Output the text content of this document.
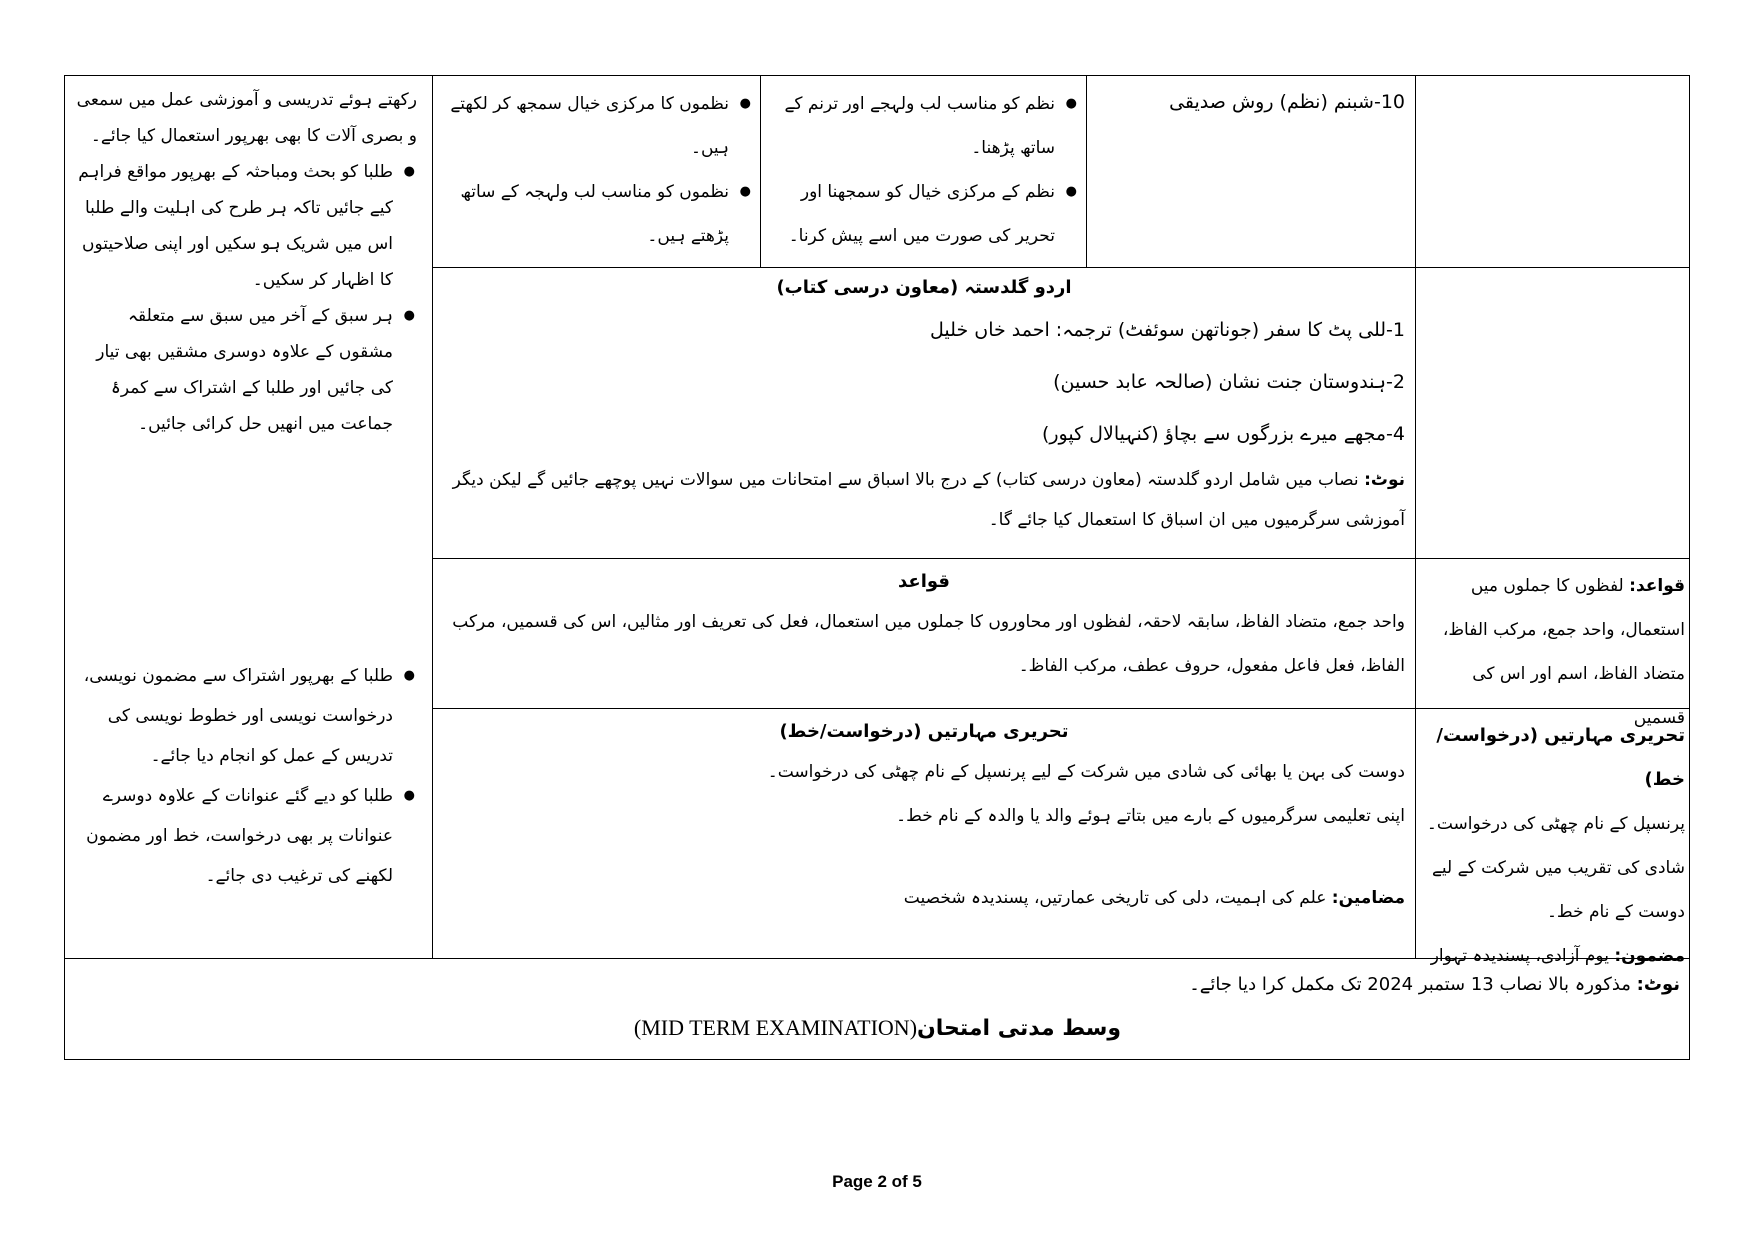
10-شبنم (نظم) روش صدیقی

● نظم کو مناسب لب ولہجے اور ترنم کے ساتھ پڑھنا۔
● نظم کے مرکزی خیال کو سمجھنا اور تحریر کی صورت میں اسے پیش کرنا۔
● نظموں کا مرکزی خیال سمجھ کر لکھتے ہیں۔
● نظموں کو مناسب لب ولہجہ کے ساتھ پڑھتے ہیں۔

رکھتے ہوئے تدریسی و آموزشی عمل میں سمعی و بصری آلات کا بھی بھرپور استعمال کیا جائے۔

● طلبا کو بحث ومباحثہ کے بھرپور مواقع فراہم کیے جائیں تاکہ ہر طرح کی اہلیت والے طلبا اس میں شریک ہو سکیں اور اپنی صلاحیتوں کا اظہار کر سکیں۔
● ہر سبق کے آخر میں سبق سے متعلقہ مشقوں کے علاوہ دوسری مشقیں بھی تیار کی جائیں اور طلبا کے اشتراک سے کمرۂ جماعت میں انھیں حل کرائی جائیں۔

اردو گلدستہ (معاون درسی کتاب)

1-للی پٹ کا سفر (جوناتھن سوئفٹ) ترجمہ: احمد خاں خلیل

2-ہندوستان جنت نشان (صالحہ عابد حسین)

4-مجھے میرے بزرگوں سے بچاؤ (کنہیالال کپور)

نوٹ: نصاب میں شامل اردو گلدستہ (معاون درسی کتاب) کے درج بالا اسباق سے امتحانات میں سوالات نہیں پوچھے جائیں گے لیکن دیگر آموزشی سرگرمیوں میں ان اسباق کا استعمال کیا جائے گا۔

قواعد: لفظوں کا جملوں میں استعمال، واحد جمع، مرکب الفاظ، متضاد الفاظ، اسم اور اس کی قسمیں

قواعد

واحد جمع، متضاد الفاظ، سابقہ لاحقہ، لفظوں اور محاوروں کا جملوں میں استعمال، فعل کی تعریف اور مثالیں، اس کی قسمیں، مرکب الفاظ، فعل فاعل مفعول، حروف عطف، مرکب الفاظ۔

تحریری مہارتیں (درخواست/خط)

پرنسپل کے نام چھٹی کی درخواست۔

شادی کی تقریب میں شرکت کے لیے دوست کے نام خط۔

مضمون: یوم آزادی، پسندیدہ تہوار

تحریری مہارتیں (درخواست/خط)

دوست کی بہن یا بھائی کی شادی میں شرکت کے لیے پرنسپل کے نام چھٹی کی درخواست۔

اپنی تعلیمی سرگرمیوں کے بارے میں بتاتے ہوئے والد یا والدہ کے نام خط۔

مضامین: علم کی اہمیت، دلی کی تاریخی عمارتیں، پسندیدہ شخصیت

● طلبا کے بھرپور اشتراک سے مضمون نویسی، درخواست نویسی اور خطوط نویسی کی تدریس کے عمل کو انجام دیا جائے۔
● طلبا کو دیے گئے عنوانات کے علاوہ دوسرے عنوانات پر بھی درخواست، خط اور مضمون لکھنے کی ترغیب دی جائے۔

نوٹ: مذکورہ بالا نصاب 13 ستمبر 2024 تک مکمل کرا دیا جائے۔

وسط مدتی امتحان(MID TERM EXAMINATION)

Page 2 of 5
